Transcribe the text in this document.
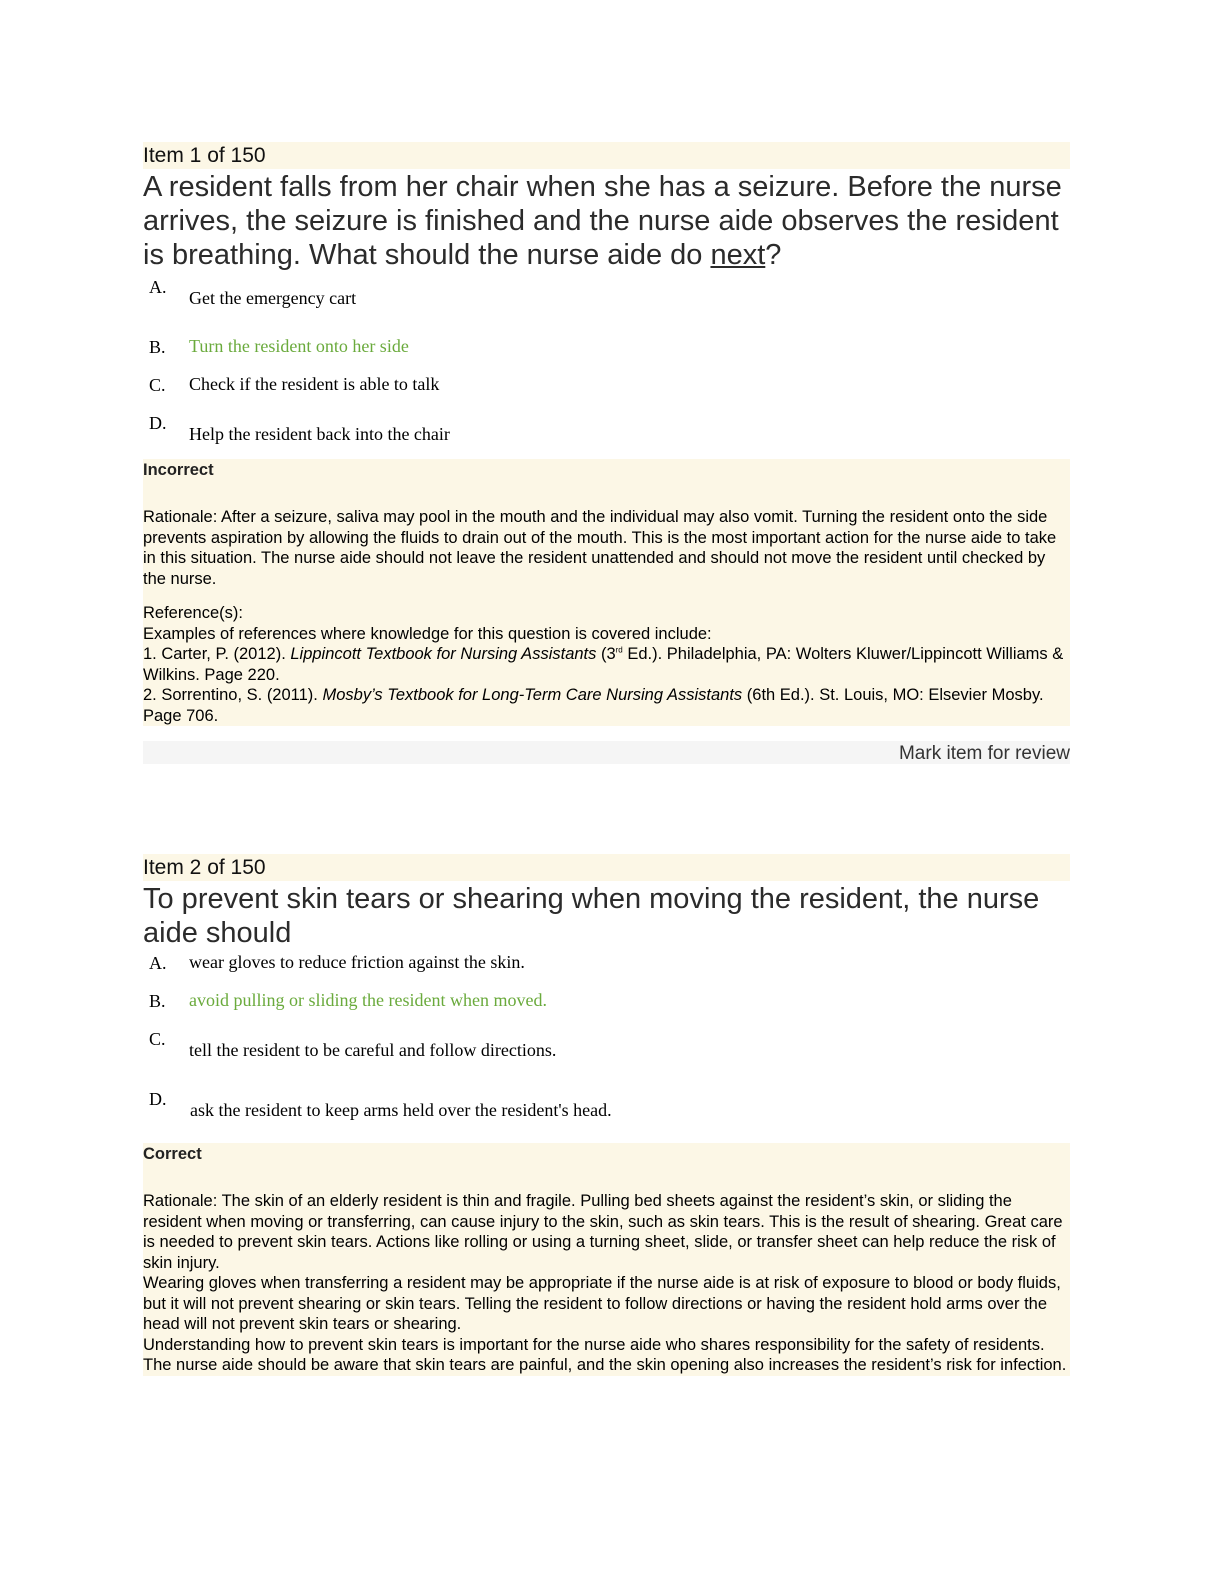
Item 1 of 150
A resident falls from her chair when she has a seizure. Before the nurse arrives, the seizure is finished and the nurse aide observes the resident is breathing. What should the nurse aide do next?
A.
Get the emergency cart
B.	Turn the resident onto her side
C.	Check if the resident is able to talk
D.
Help the resident back into the chair
Incorrect

Rationale: After a seizure, saliva may pool in the mouth and the individual may also vomit. Turning the resident onto the side prevents aspiration by allowing the fluids to drain out of the mouth. This is the most important action for the nurse aide to take in this situation. The nurse aide should not leave the resident unattended and should not move the resident until checked by the nurse.

Reference(s):

Examples of references where knowledge for this question is covered include:

1. Carter, P. (2012). Lippincott Textbook for Nursing Assistants (3rd Ed.). Philadelphia, PA: Wolters Kluwer/Lippincott Williams & Wilkins. Page 220.

2. Sorrentino, S. (2011). Mosby’s Textbook for Long-Term Care Nursing Assistants (6th Ed.). St. Louis, MO: Elsevier Mosby. Page 706.

Mark item for review
Item 2 of 150
To prevent skin tears or shearing when moving the resident, the nurse aide should
A.	wear gloves to reduce friction against the skin.
B.	avoid pulling or sliding the resident when moved.
C.
tell the resident to be careful and follow directions.
D.
ask the resident to keep arms held over the resident's head.
Correct

Rationale: The skin of an elderly resident is thin and fragile. Pulling bed sheets against the resident’s skin, or sliding the resident when moving or transferring, can cause injury to the skin, such as skin tears. This is the result of shearing. Great care is needed to prevent skin tears. Actions like rolling or using a turning sheet, slide, or transfer sheet can help reduce the risk of skin injury.

Wearing gloves when transferring a resident may be appropriate if the nurse aide is at risk of exposure to blood or body fluids, but it will not prevent shearing or skin tears. Telling the resident to follow directions or having the resident hold arms over the head will not prevent skin tears or shearing.

Understanding how to prevent skin tears is important for the nurse aide who shares responsibility for the safety of residents. The nurse aide should be aware that skin tears are painful, and the skin opening also increases the resident’s risk for infection.
